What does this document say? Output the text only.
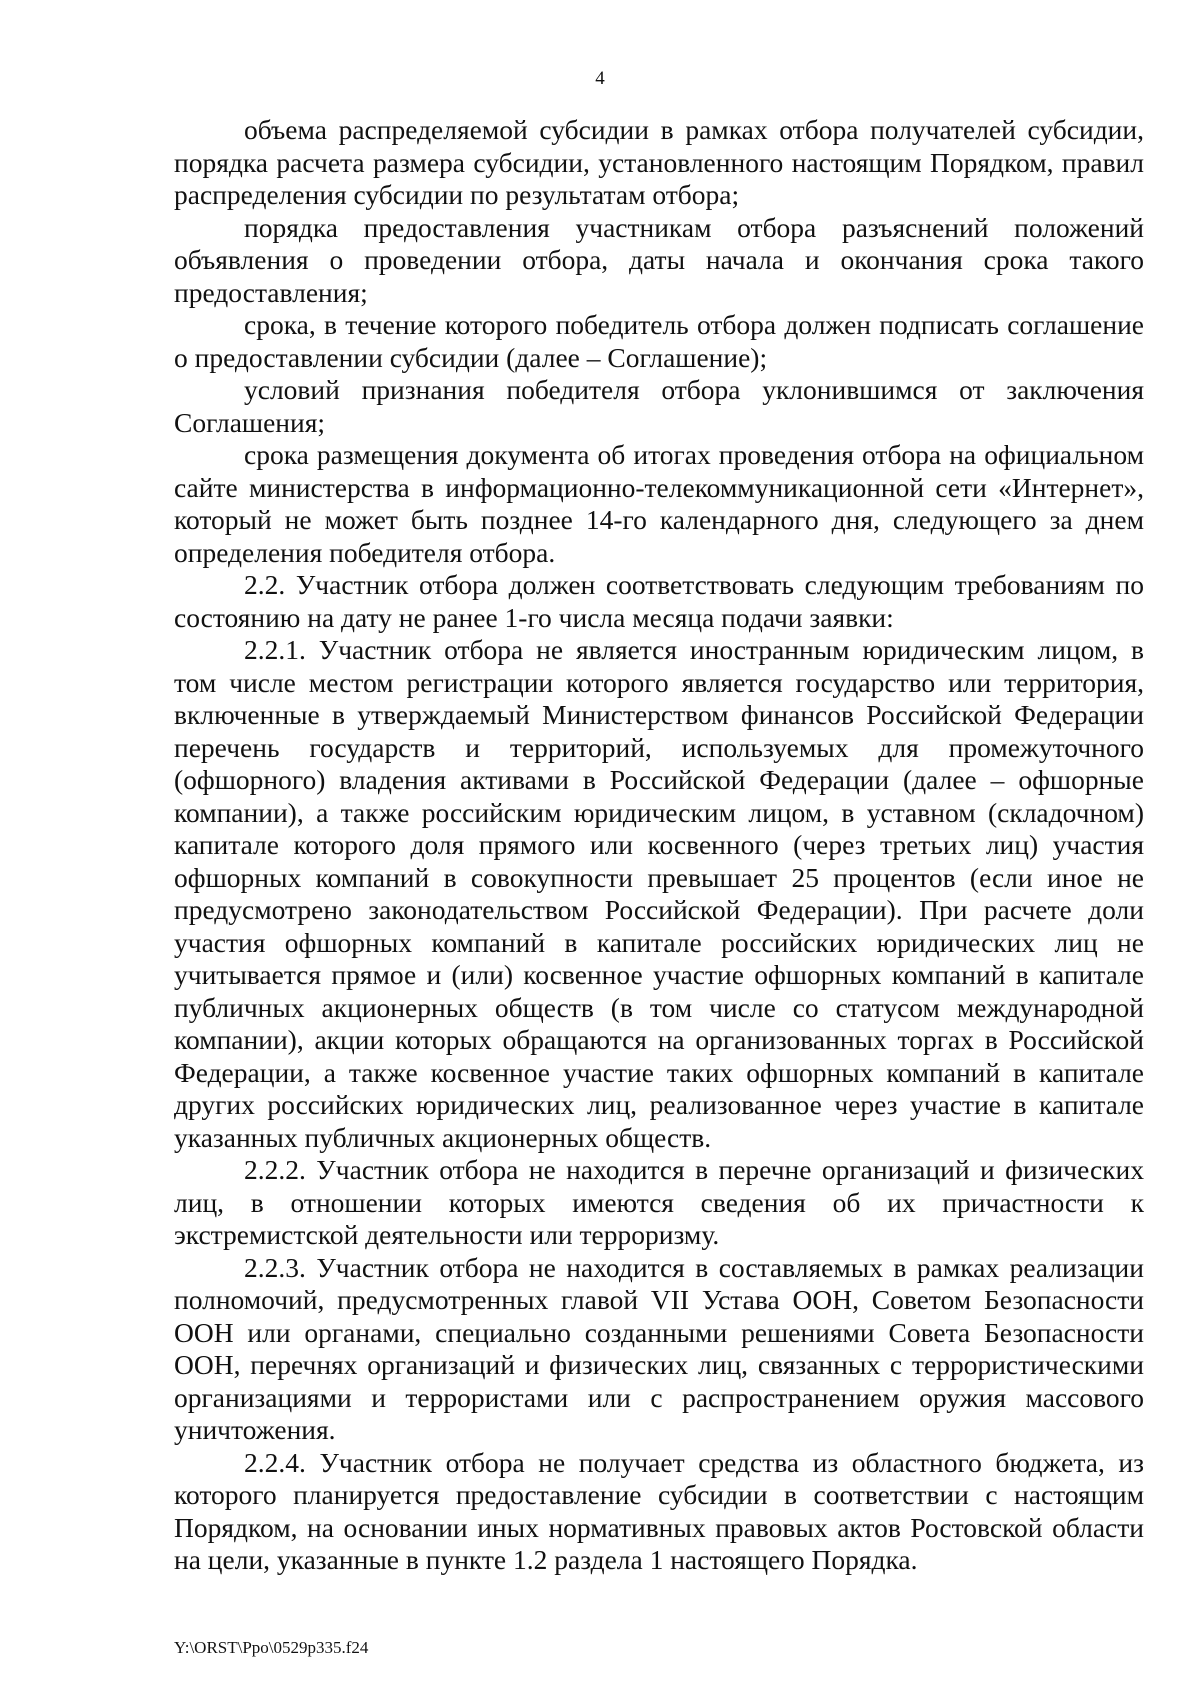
4

объема распределяемой субсидии в рамках отбора получателей субсидии, порядка расчета размера субсидии, установленного настоящим Порядком, правил распределения субсидии по результатам отбора;

порядка предоставления участникам отбора разъяснений положений объявления о проведении отбора, даты начала и окончания срока такого предоставления;

срока, в течение которого победитель отбора должен подписать соглашение о предоставлении субсидии (далее – Соглашение);

условий признания победителя отбора уклонившимся от заключения Соглашения;

срока размещения документа об итогах проведения отбора на официальном сайте министерства в информационно-телекоммуникационной сети «Интернет», который не может быть позднее 14-го календарного дня, следующего за днем определения победителя отбора.

2.2. Участник отбора должен соответствовать следующим требованиям по состоянию на дату не ранее 1-го числа месяца подачи заявки:

2.2.1. Участник отбора не является иностранным юридическим лицом, в том числе местом регистрации которого является государство или территория, включенные в утверждаемый Министерством финансов Российской Федерации перечень государств и территорий, используемых для промежуточного (офшорного) владения активами в Российской Федерации (далее – офшорные компании), а также российским юридическим лицом, в уставном (складочном) капитале которого доля прямого или косвенного (через третьих лиц) участия офшорных компаний в совокупности превышает 25 процентов (если иное не предусмотрено законодательством Российской Федерации). При расчете доли участия офшорных компаний в капитале российских юридических лиц не учитывается прямое и (или) косвенное участие офшорных компаний в капитале публичных акционерных обществ (в том числе со статусом международной компании), акции которых обращаются на организованных торгах в Российской Федерации, а также косвенное участие таких офшорных компаний в капитале других российских юридических лиц, реализованное через участие в капитале указанных публичных акционерных обществ.

2.2.2. Участник отбора не находится в перечне организаций и физических лиц, в отношении которых имеются сведения об их причастности к экстремистской деятельности или терроризму.

2.2.3. Участник отбора не находится в составляемых в рамках реализации полномочий, предусмотренных главой VII Устава ООН, Советом Безопасности ООН или органами, специально созданными решениями Совета Безопасности ООН, перечнях организаций и физических лиц, связанных с террористическими организациями и террористами или с распространением оружия массового уничтожения.

2.2.4. Участник отбора не получает средства из областного бюджета, из которого планируется предоставление субсидии в соответствии с настоящим Порядком, на основании иных нормативных правовых актов Ростовской области на цели, указанные в пункте 1.2 раздела 1 настоящего Порядка.

Y:\ORST\Ppo\0529p335.f24
